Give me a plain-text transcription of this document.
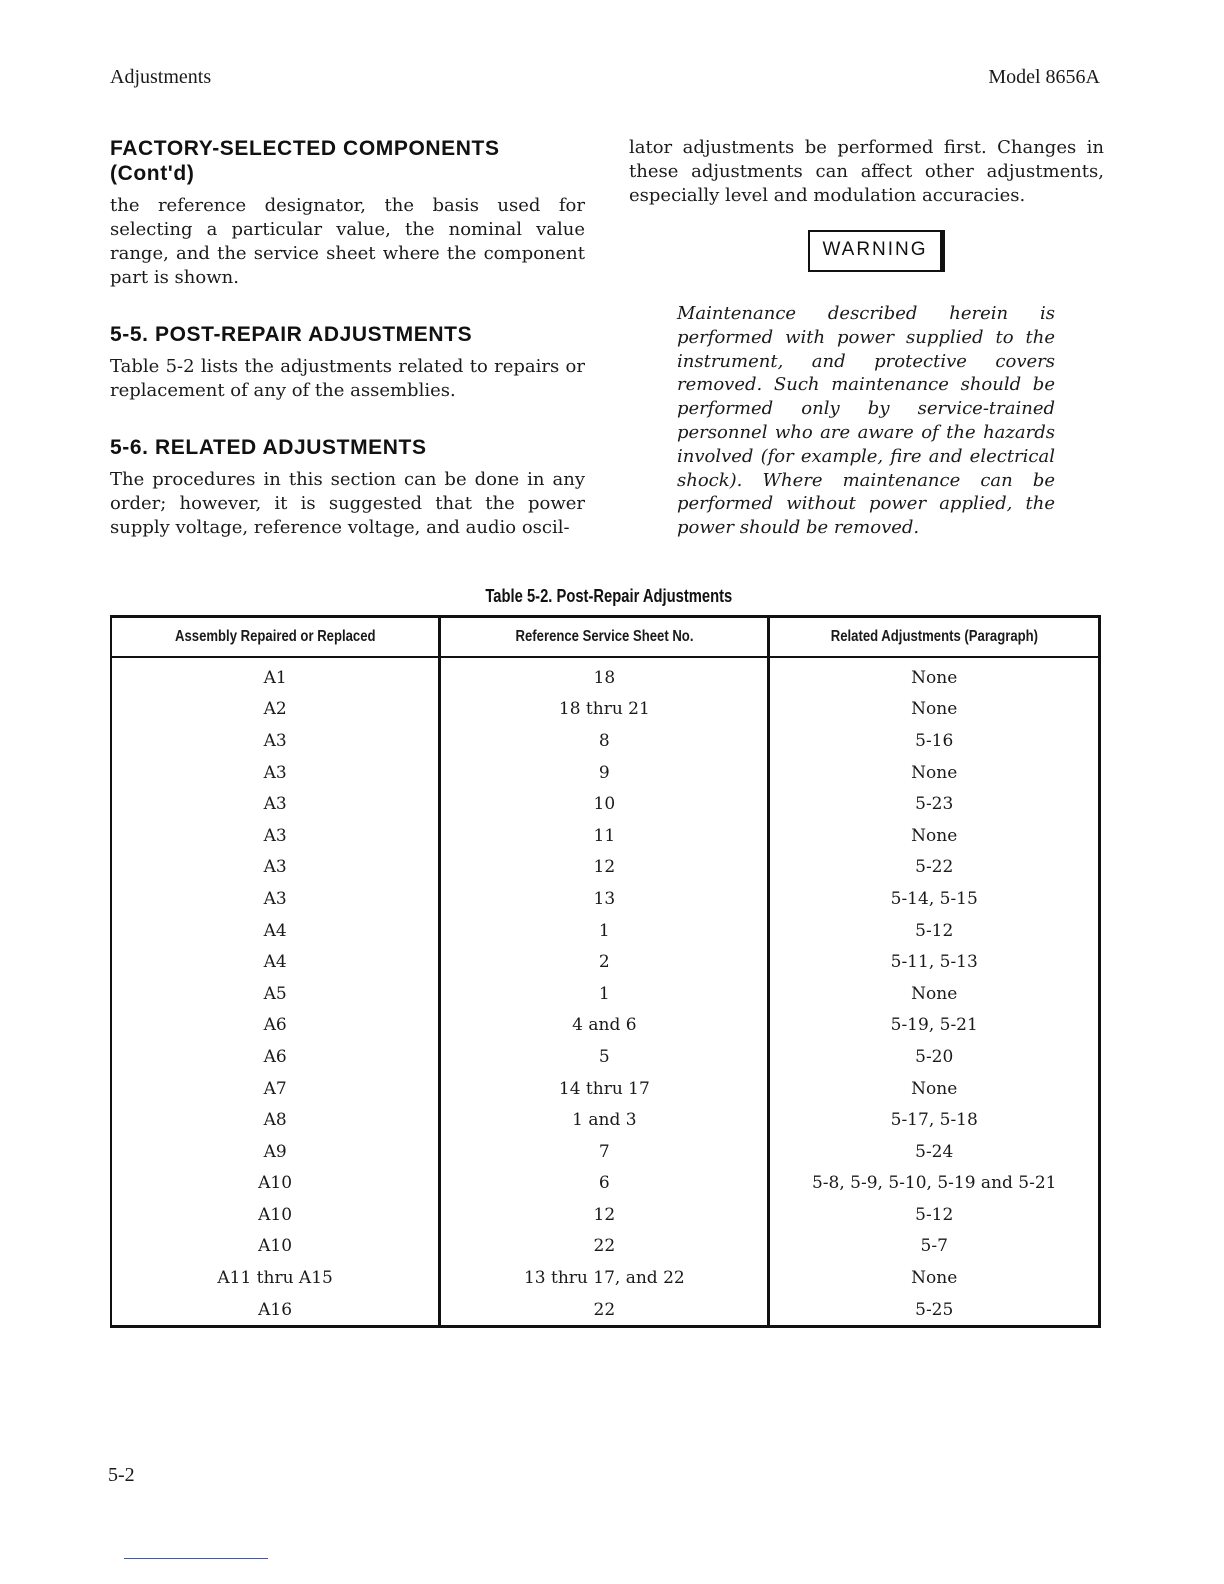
Adjustments	Model 8656A
FACTORY-SELECTED COMPONENTS
(Cont'd)

the reference designator, the basis used for selecting a particular value, the nominal value range, and the service sheet where the component part is shown.

5-5. POST-REPAIR ADJUSTMENTS

Table 5-2 lists the adjustments related to repairs or replacement of any of the assemblies.

5-6. RELATED ADJUSTMENTS

The procedures in this section can be done in any order; however, it is suggested that the power supply voltage, reference voltage, and audio oscil-

lator adjustments be performed first. Changes in these adjustments can affect other adjustments, especially level and modulation accuracies.

WARNING

Maintenance described herein is performed with power supplied to the instrument, and protective covers removed. Such maintenance should be performed only by service-trained personnel who are aware of the hazards involved (for example, fire and electrical shock). Where maintenance can be performed without power applied, the power should be removed.

Table 5-2. Post-Repair Adjustments
Assembly Repaired or Replaced	Reference Service Sheet No.	Related Adjustments (Paragraph)
A1	18	None
A2	18 thru 21	None
A3	8	5-16
A3	9	None
A3	10	5-23
A3	11	None
A3	12	5-22
A3	13	5-14, 5-15
A4	1	5-12
A4	2	5-11, 5-13
A5	1	None
A6	4 and 6	5-19, 5-21
A6	5	5-20
A7	14 thru 17	None
A8	1 and 3	5-17, 5-18
A9	7	5-24
A10	6	5-8, 5-9, 5-10, 5-19 and 5-21
A10	12	5-12
A10	22	5-7
A11 thru A15	13 thru 17, and 22	None
A16	22	5-25
5-2
